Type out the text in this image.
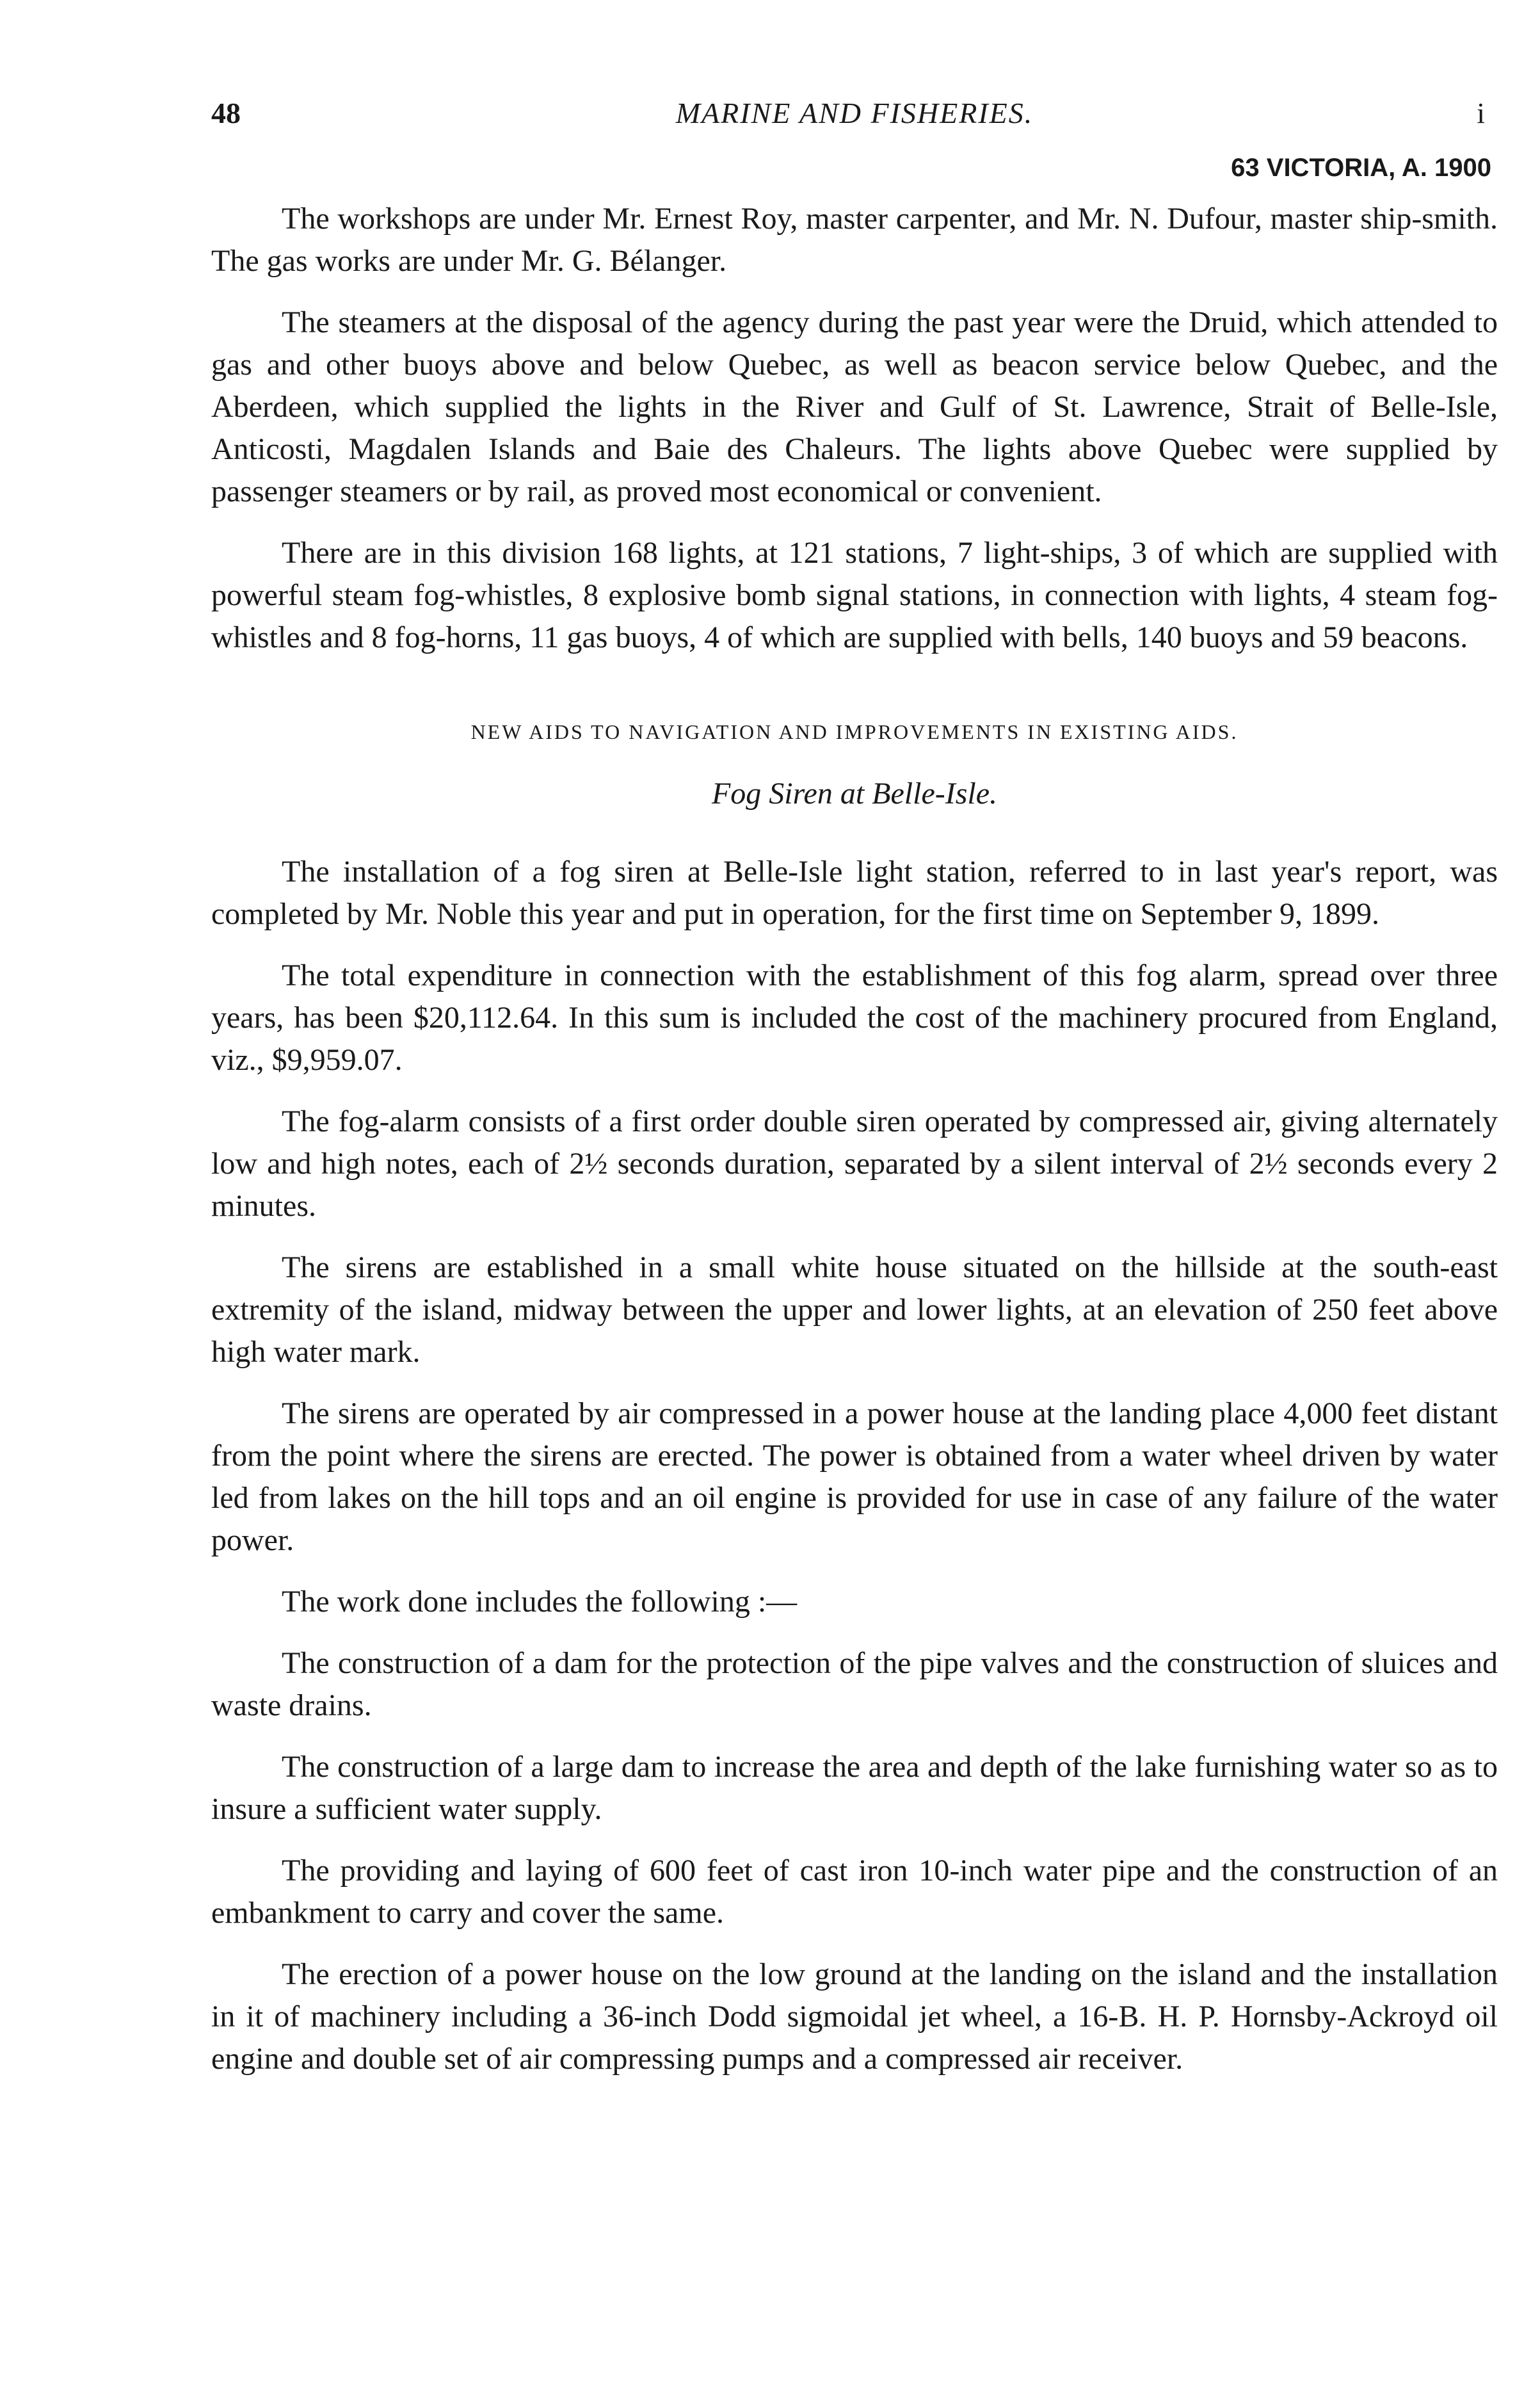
48	MARINE AND FISHERIES.	i
63 VICTORIA, A. 1900

The workshops are under Mr. Ernest Roy, master carpenter, and Mr. N. Dufour, master ship-smith. The gas works are under Mr. G. Bélanger.

The steamers at the disposal of the agency during the past year were the Druid, which attended to gas and other buoys above and below Quebec, as well as beacon service below Quebec, and the Aberdeen, which supplied the lights in the River and Gulf of St. Lawrence, Strait of Belle-Isle, Anticosti, Magdalen Islands and Baie des Chaleurs. The lights above Quebec were supplied by passenger steamers or by rail, as proved most economical or convenient.

There are in this division 168 lights, at 121 stations, 7 light-ships, 3 of which are supplied with powerful steam fog-whistles, 8 explosive bomb signal stations, in connection with lights, 4 steam fog-whistles and 8 fog-horns, 11 gas buoys, 4 of which are supplied with bells, 140 buoys and 59 beacons.

NEW AIDS TO NAVIGATION AND IMPROVEMENTS IN EXISTING AIDS.
Fog Siren at Belle-Isle.

The installation of a fog siren at Belle-Isle light station, referred to in last year's report, was completed by Mr. Noble this year and put in operation, for the first time on September 9, 1899.

The total expenditure in connection with the establishment of this fog alarm, spread over three years, has been $20,112.64. In this sum is included the cost of the machinery procured from England, viz., $9,959.07.

The fog-alarm consists of a first order double siren operated by compressed air, giving alternately low and high notes, each of 2½ seconds duration, separated by a silent interval of 2½ seconds every 2 minutes.

The sirens are established in a small white house situated on the hillside at the south-east extremity of the island, midway between the upper and lower lights, at an elevation of 250 feet above high water mark.

The sirens are operated by air compressed in a power house at the landing place 4,000 feet distant from the point where the sirens are erected. The power is obtained from a water wheel driven by water led from lakes on the hill tops and an oil engine is provided for use in case of any failure of the water power.

The work done includes the following :—

The construction of a dam for the protection of the pipe valves and the construction of sluices and waste drains.

The construction of a large dam to increase the area and depth of the lake furnishing water so as to insure a sufficient water supply.

The providing and laying of 600 feet of cast iron 10-inch water pipe and the construction of an embankment to carry and cover the same.

The erection of a power house on the low ground at the landing on the island and the installation in it of machinery including a 36-inch Dodd sigmoidal jet wheel, a 16-B. H. P. Hornsby-Ackroyd oil engine and double set of air compressing pumps and a compressed air receiver.
